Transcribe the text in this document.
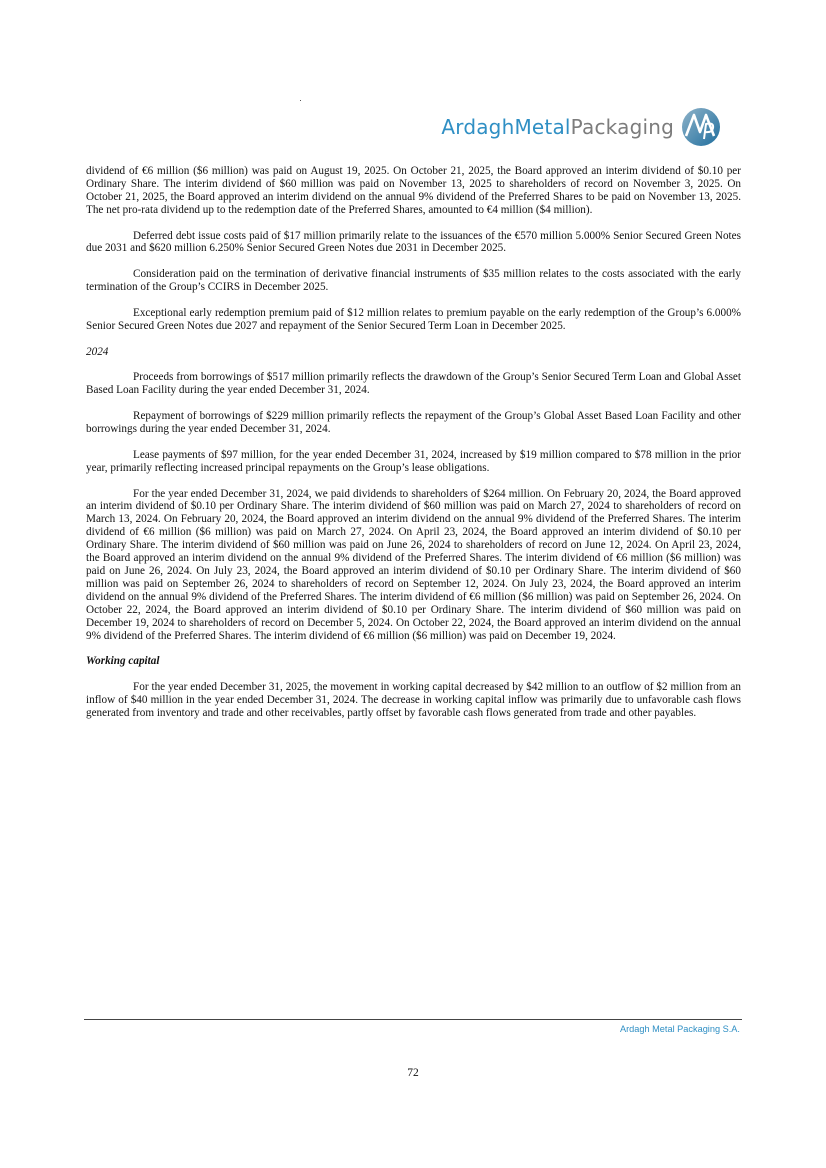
ArdaghMetalPackaging

dividend of €6 million ($6 million) was paid on August 19, 2025. On October 21, 2025, the Board approved an interim dividend of $0.10 per Ordinary Share. The interim dividend of $60 million was paid on November 13, 2025 to shareholders of record on November 3, 2025. On October 21, 2025, the Board approved an interim dividend on the annual 9% dividend of the Preferred Shares to be paid on November 13, 2025. The net pro-rata dividend up to the redemption date of the Preferred Shares, amounted to €4 million ($4 million).

Deferred debt issue costs paid of $17 million primarily relate to the issuances of the €570 million 5.000% Senior Secured Green Notes due 2031 and $620 million 6.250% Senior Secured Green Notes due 2031 in December 2025.

Consideration paid on the termination of derivative financial instruments of $35 million relates to the costs associated with the early termination of the Group’s CCIRS in December 2025.

Exceptional early redemption premium paid of $12 million relates to premium payable on the early redemption of the Group’s 6.000% Senior Secured Green Notes due 2027 and repayment of the Senior Secured Term Loan in December 2025.

2024

Proceeds from borrowings of $517 million primarily reflects the drawdown of the Group’s Senior Secured Term Loan and Global Asset Based Loan Facility during the year ended December 31, 2024.

Repayment of borrowings of $229 million primarily reflects the repayment of the Group’s Global Asset Based Loan Facility and other borrowings during the year ended December 31, 2024.

Lease payments of $97 million, for the year ended December 31, 2024, increased by $19 million compared to $78 million in the prior year, primarily reflecting increased principal repayments on the Group’s lease obligations.

For the year ended December 31, 2024, we paid dividends to shareholders of $264 million. On February 20, 2024, the Board approved an interim dividend of $0.10 per Ordinary Share. The interim dividend of $60 million was paid on March 27, 2024 to shareholders of record on March 13, 2024. On February 20, 2024, the Board approved an interim dividend on the annual 9% dividend of the Preferred Shares. The interim dividend of €6 million ($6 million) was paid on March 27, 2024. On April 23, 2024, the Board approved an interim dividend of $0.10 per Ordinary Share. The interim dividend of $60 million was paid on June 26, 2024 to shareholders of record on June 12, 2024. On April 23, 2024, the Board approved an interim dividend on the annual 9% dividend of the Preferred Shares. The interim dividend of €6 million ($6 million) was paid on June 26, 2024. On July 23, 2024, the Board approved an interim dividend of $0.10 per Ordinary Share. The interim dividend of $60 million was paid on September 26, 2024 to shareholders of record on September 12, 2024. On July 23, 2024, the Board approved an interim dividend on the annual 9% dividend of the Preferred Shares. The interim dividend of €6 million ($6 million) was paid on September 26, 2024. On October 22, 2024, the Board approved an interim dividend of $0.10 per Ordinary Share. The interim dividend of $60 million was paid on December 19, 2024 to shareholders of record on December 5, 2024. On October 22, 2024, the Board approved an interim dividend on the annual 9% dividend of the Preferred Shares. The interim dividend of €6 million ($6 million) was paid on December 19, 2024.

Working capital

For the year ended December 31, 2025, the movement in working capital decreased by $42 million to an outflow of $2 million from an inflow of $40 million in the year ended December 31, 2024. The decrease in working capital inflow was primarily due to unfavorable cash flows generated from inventory and trade and other receivables, partly offset by favorable cash flows generated from trade and other payables.

Ardagh Metal Packaging S.A.
72
